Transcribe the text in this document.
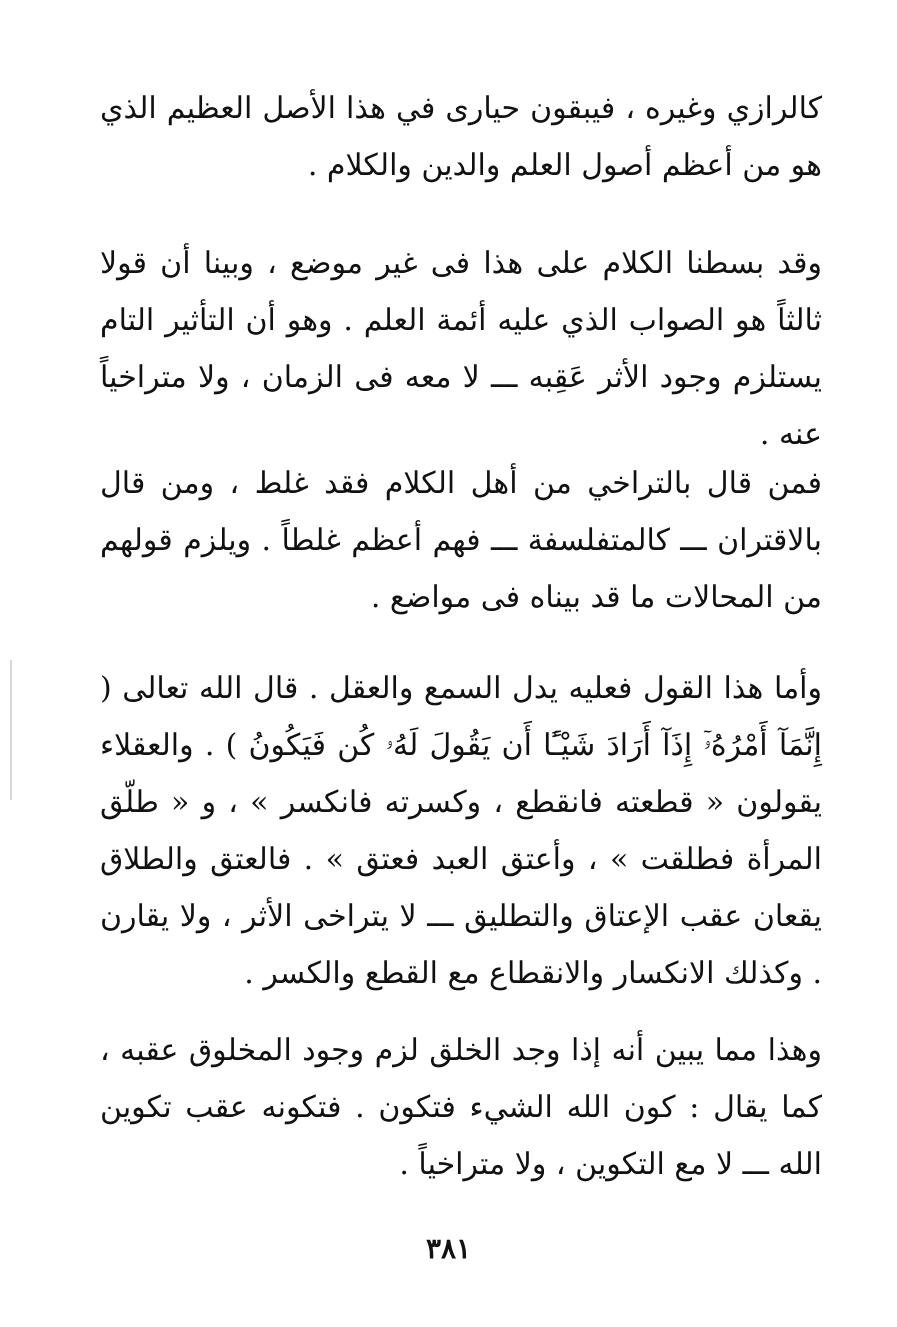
كالرازي وغيره ، فيبقون حيارى في هذا الأصل العظيم الذي هو من أعظم أصول العلم والدين والكلام .

وقد بسطنا الكلام على هذا فى غير موضع ، وبينا أن قولا ثالثاً هو الصواب الذي عليه أئمة العلم . وهو أن التأثير التام يستلزم وجود الأثر عَقِبه ـــ لا معه فى الزمان ، ولا متراخياً عنه .

فمن قال بالتراخي من أهل الكلام فقد غلط ، ومن قال بالاقتران ـــ كالمتفلسفة ـــ فهم أعظم غلطاً . ويلزم قولهم من المحالات ما قد بيناه فى مواضع .

وأما هذا القول فعليه يدل السمع والعقل . قال الله تعالى ( إِنَّمَآ أَمْرُهُۥٓ إِذَآ أَرَادَ شَيْـًٔا أَن يَقُولَ لَهُۥ كُن فَيَكُونُ ) . والعقلاء يقولون « قطعته فانقطع ، وكسرته فانكسر » ، و « طلّق المرأة فطلقت » ، وأعتق العبد فعتق » . فالعتق والطلاق يقعان عقب الإعتاق والتطليق ـــ لا يتراخى الأثر ، ولا يقارن . وكذلك الانكسار والانقطاع مع القطع والكسر .

وهذا مما يبين أنه إذا وجد الخلق لزم وجود المخلوق عقبه ، كما يقال : كون الله الشيء فتكون . فتكونه عقب تكوين الله ـــ لا مع التكوين ، ولا متراخياً .

٣٨١
